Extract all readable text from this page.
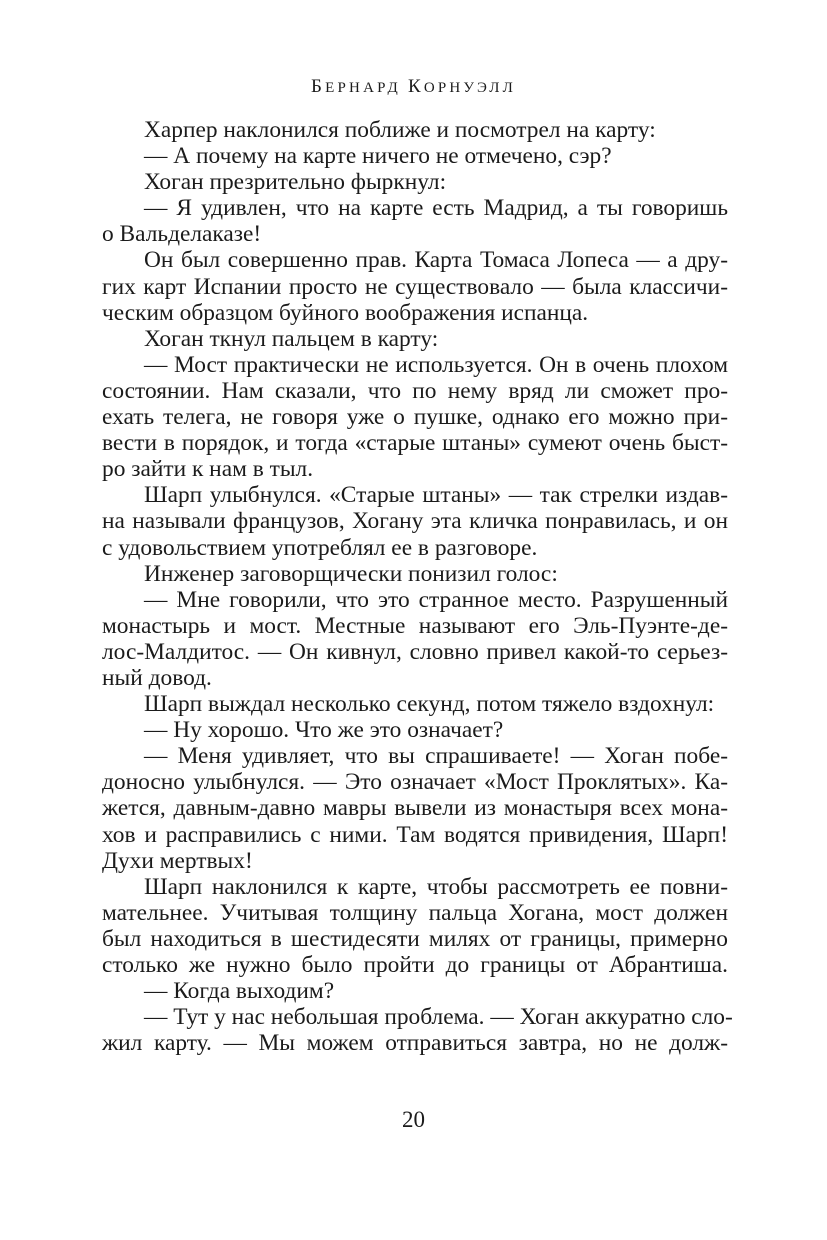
БЕРНАРД КОРНУЭЛЛ
Харпер наклонился поближе и посмотрел на карту:
— А почему на карте ничего не отмечено, сэр?
Хоган презрительно фыркнул:
— Я удивлен, что на карте есть Мадрид, а ты говоришь
о Вальделаказе!
Он был совершенно прав. Карта Томаса Лопеса — а дру-
гих карт Испании просто не существовало — была классичи-
ческим образцом буйного воображения испанца.
Хоган ткнул пальцем в карту:
— Мост практически не используется. Он в очень плохом
состоянии. Нам сказали, что по нему вряд ли сможет про-
ехать телега, не говоря уже о пушке, однако его можно при-
вести в порядок, и тогда «старые штаны» сумеют очень быст-
ро зайти к нам в тыл.
Шарп улыбнулся. «Старые штаны» — так стрелки издав-
на называли французов, Хогану эта кличка понравилась, и он
с удовольствием употреблял ее в разговоре.
Инженер заговорщически понизил голос:
— Мне говорили, что это странное место. Разрушенный
монастырь и мост. Местные называют его Эль-Пуэнте-де-
лос-Малдитос. — Он кивнул, словно привел какой-то серьез-
ный довод.
Шарп выждал несколько секунд, потом тяжело вздохнул:
— Ну хорошо. Что же это означает?
— Меня удивляет, что вы спрашиваете! — Хоган побе-
доносно улыбнулся. — Это означает «Мост Проклятых». Ка-
жется, давным-давно мавры вывели из монастыря всех мона-
хов и расправились с ними. Там водятся привидения, Шарп!
Духи мертвых!
Шарп наклонился к карте, чтобы рассмотреть ее повни-
мательнее. Учитывая толщину пальца Хогана, мост должен
был находиться в шестидесяти милях от границы, примерно
столько же нужно было пройти до границы от Абрантиша.
— Когда выходим?
— Тут у нас небольшая проблема. — Хоган аккуратно сло-
жил карту. — Мы можем отправиться завтра, но не долж-
20
